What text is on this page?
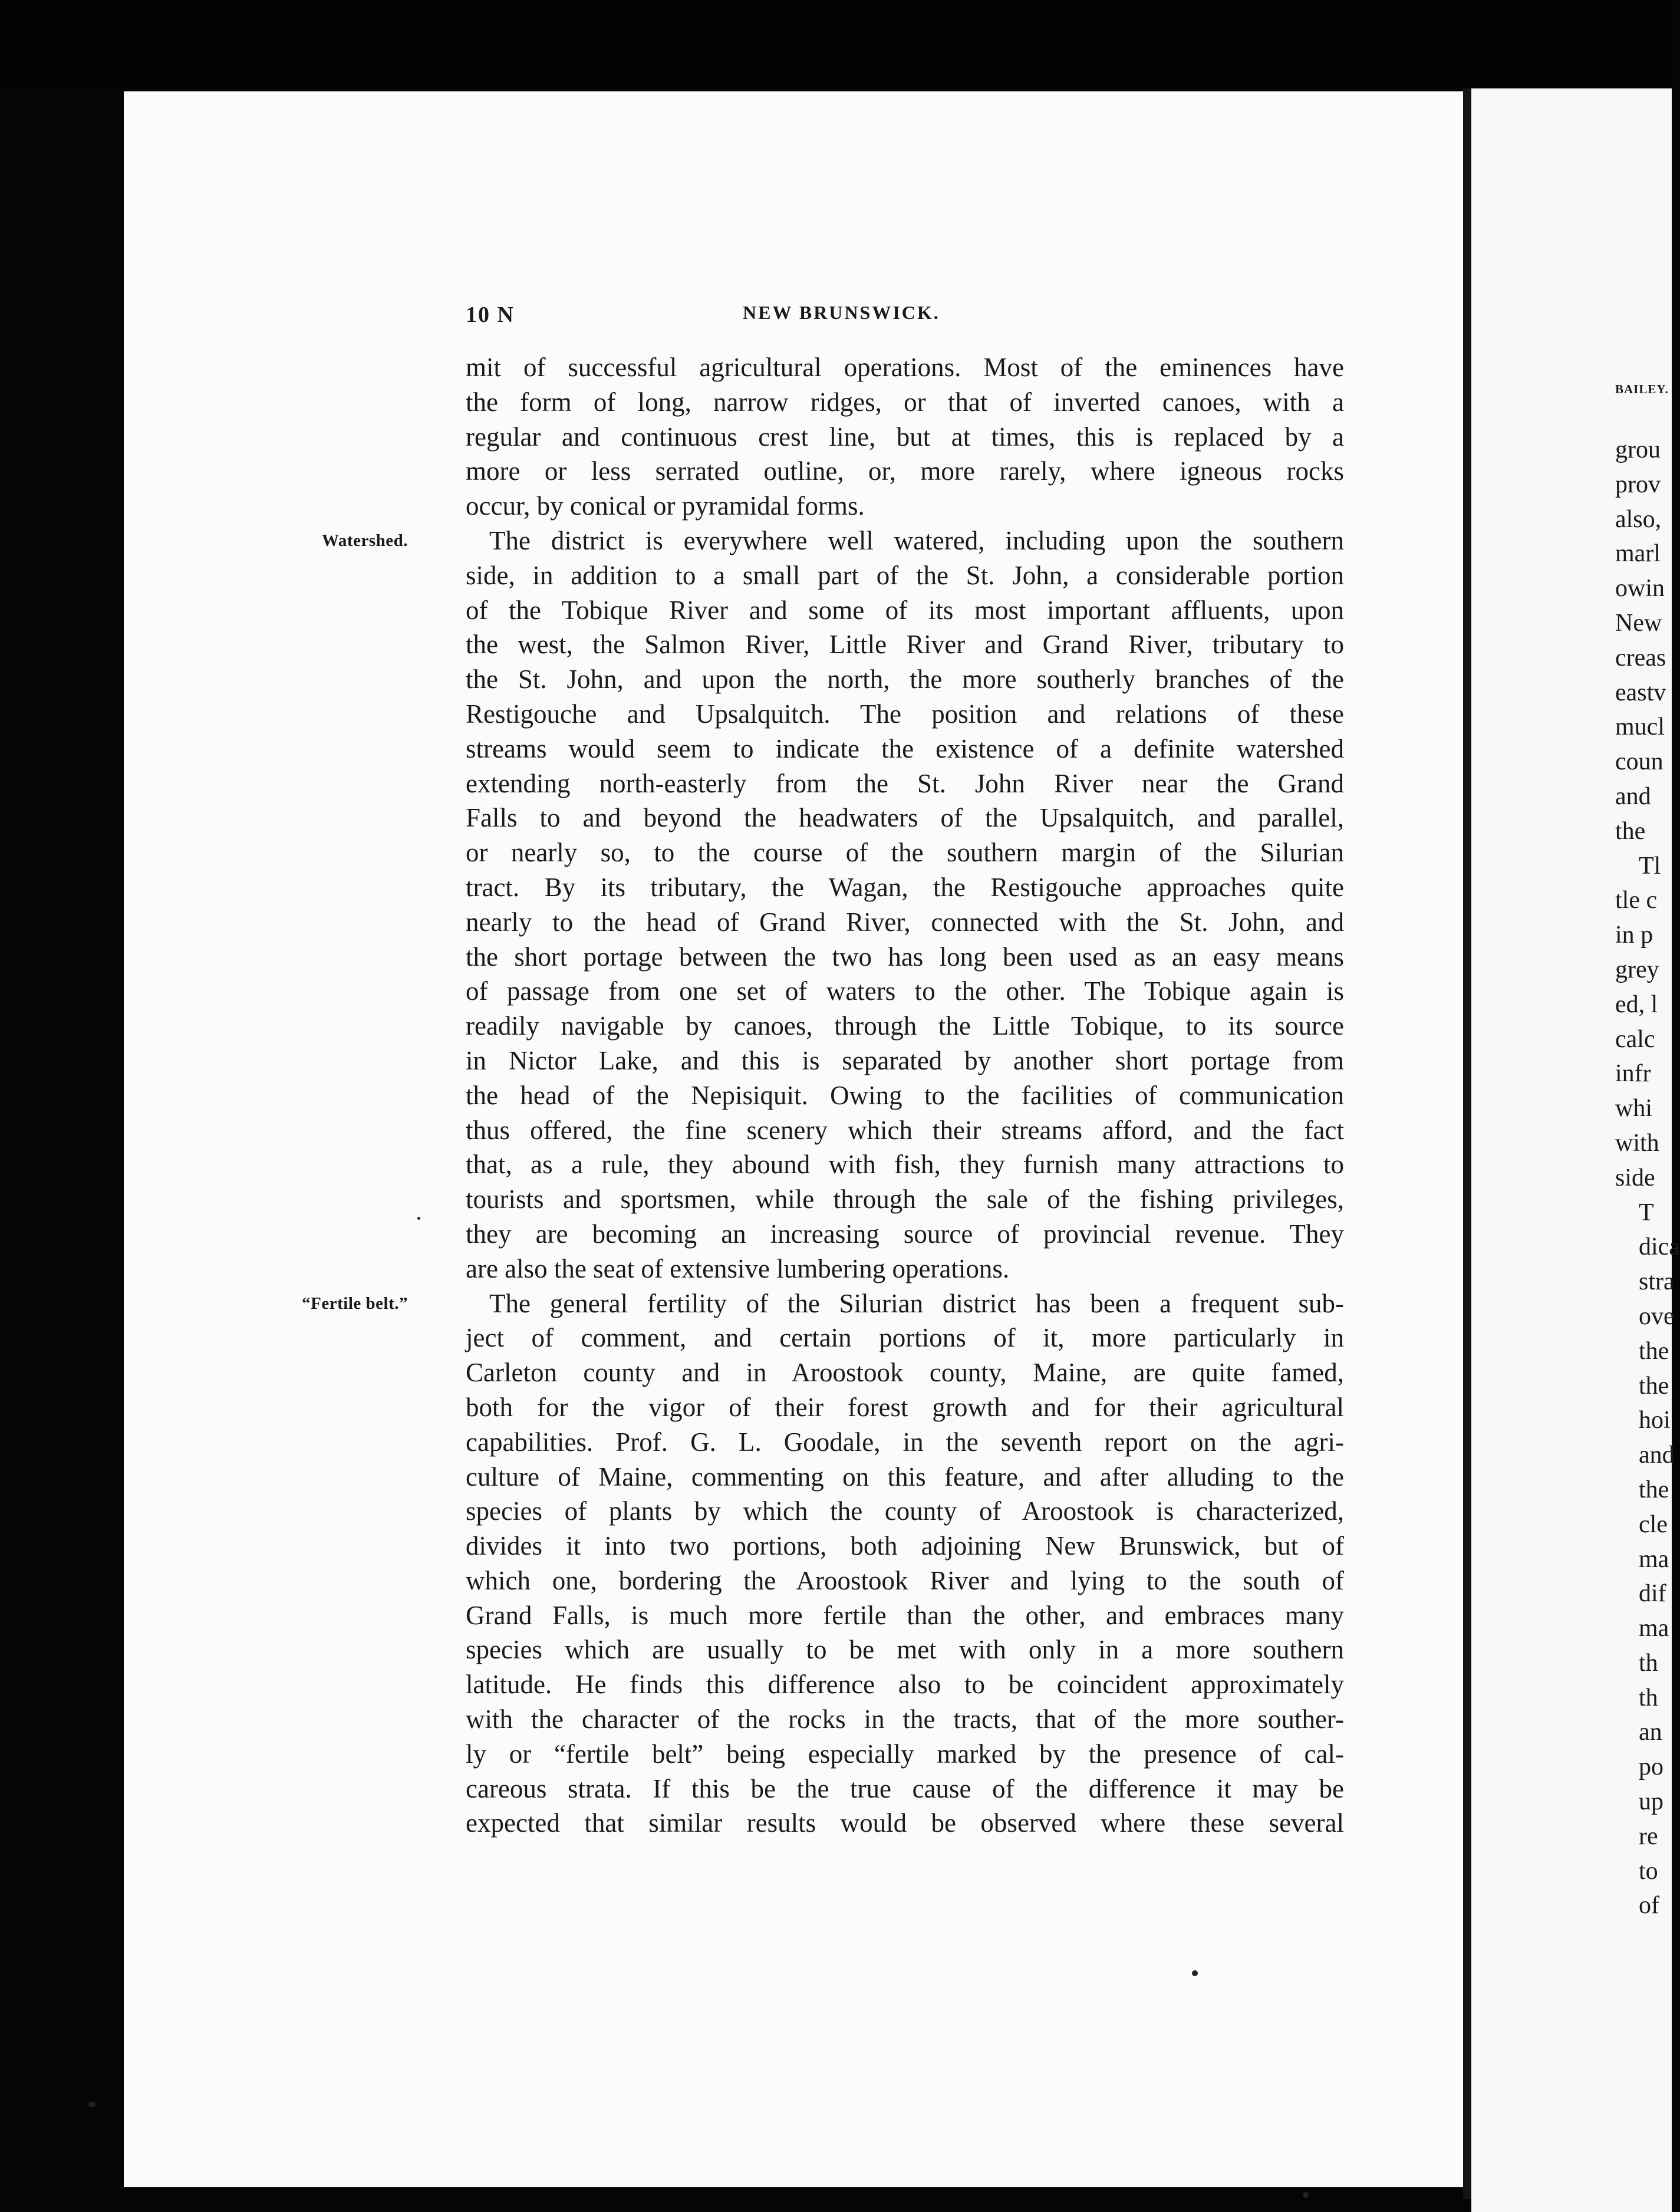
10 N	NEW BRUNSWICK.
mit of successful agricultural operations. Most of the eminences have
the form of long, narrow ridges, or that of inverted canoes, with a
regular and continuous crest line, but at times, this is replaced by a
more or less serrated outline, or, more rarely, where igneous rocks
occur, by conical or pyramidal forms.
Watershed.	The district is everywhere well watered, including upon the southern
side, in addition to a small part of the St. John, a considerable portion
of the Tobique River and some of its most important affluents, upon
the west, the Salmon River, Little River and Grand River, tributary to
the St. John, and upon the north, the more southerly branches of the
Restigouche and Upsalquitch. The position and relations of these
streams would seem to indicate the existence of a definite watershed
extending north-easterly from the St. John River near the Grand
Falls to and beyond the headwaters of the Upsalquitch, and parallel,
or nearly so, to the course of the southern margin of the Silurian
tract. By its tributary, the Wagan, the Restigouche approaches quite
nearly to the head of Grand River, connected with the St. John, and
the short portage between the two has long been used as an easy means
of passage from one set of waters to the other. The Tobique again is
readily navigable by canoes, through the Little Tobique, to its source
in Nictor Lake, and this is separated by another short portage from
the head of the Nepisiquit. Owing to the facilities of communication
thus offered, the fine scenery which their streams afford, and the fact
that, as a rule, they abound with fish, they furnish many attractions to
tourists and sportsmen, while through the sale of the fishing privileges,
they are becoming an increasing source of provincial revenue. They
are also the seat of extensive lumbering operations.
“Fertile belt.”	The general fertility of the Silurian district has been a frequent sub-
ject of comment, and certain portions of it, more particularly in
Carleton county and in Aroostook county, Maine, are quite famed,
both for the vigor of their forest growth and for their agricultural
capabilities. Prof. G. L. Goodale, in the seventh report on the agri-
culture of Maine, commenting on this feature, and after alluding to the
species of plants by which the county of Aroostook is characterized,
divides it into two portions, both adjoining New Brunswick, but of
which one, bordering the Aroostook River and lying to the south of
Grand Falls, is much more fertile than the other, and embraces many
species which are usually to be met with only in a more southern
latitude. He finds this difference also to be coincident approximately
with the character of the rocks in the tracts, that of the more souther-
ly or “fertile belt” being especially marked by the presence of cal-
careous strata. If this be the true cause of the difference it may be
expected that similar results would be observed where these several
BAILEY.
grou
prov
also,
marl
owin
New
creas
eastv
mucl
coun
and
the
Tl
tle c
in p
grey
ed, l
calc
infr
whi
with
side
T
dica
stra
ove
the
the
hoi
and
the
cle
ma
dif
ma
th
th
an
po
up
re
to
of
